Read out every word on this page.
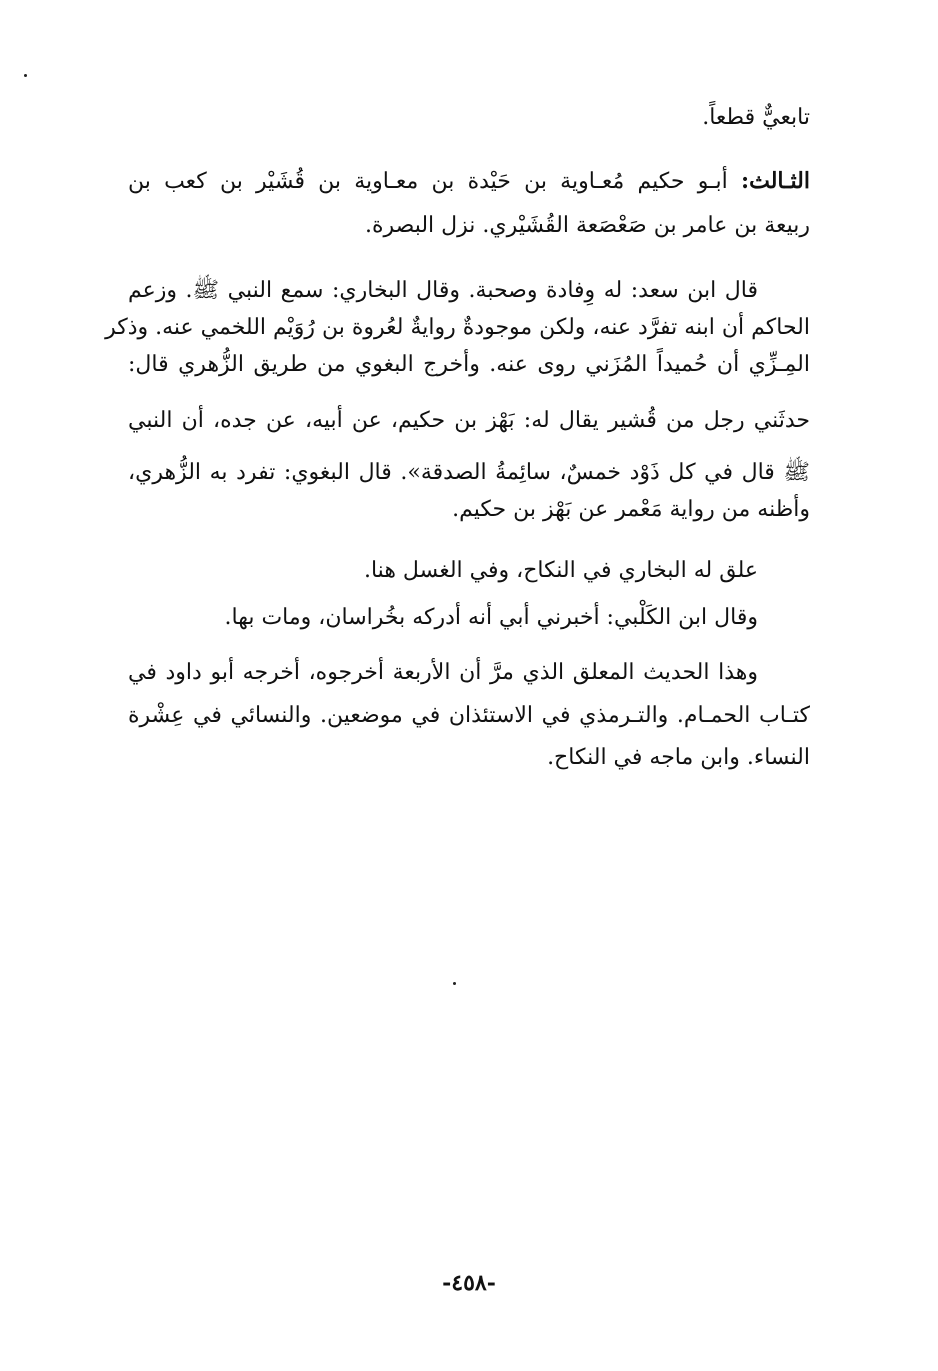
تابعيٌّ قطعاً.
الثـالث: أبـو حكيم مُعـاوية بن حَيْدة بن معـاوية بن قُشَيْر بن كعب بن
ربيعة بن عامر بن صَعْصَعة القُشَيْري. نزل البصرة.
قال ابن سعد: له وِفادة وصحبة. وقال البخاري: سمع النبي ﷺ. وزعم
الحاكم أن ابنه تفرَّد عنه، ولكن موجودةٌ روايةٌ لعُروة بن رُوَيْم اللخمي عنه. وذكر
المِـزِّي أن حُميداً المُزَني روى عنه. وأخرج البغوي من طريق الزُّهري قال:
حدثَني رجل من قُشير يقال له: بَهْز بن حكيم، عن أبيه، عن جده، أن النبي
ﷺ قال في كل ذَوْد خمسٌ، سائِمةُ الصدقة». قال البغوي: تفرد به الزُّهري،
وأظنه من رواية مَعْمر عن بَهْز بن حكيم.
علق له البخاري في النكاح، وفي الغسل هنا.
وقال ابن الكَلْبي: أخبرني أبي أنه أدركه بخُراسان، ومات بها.
وهذا الحديث المعلق الذي مرَّ أن الأربعة أخرجوه، أخرجه أبو داود في
كتـاب الحمـام. والتـرمذي في الاستئذان في موضعين. والنسائي في عِشْرة
النساء. وابن ماجه في النكاح.
-٤٥٨-
